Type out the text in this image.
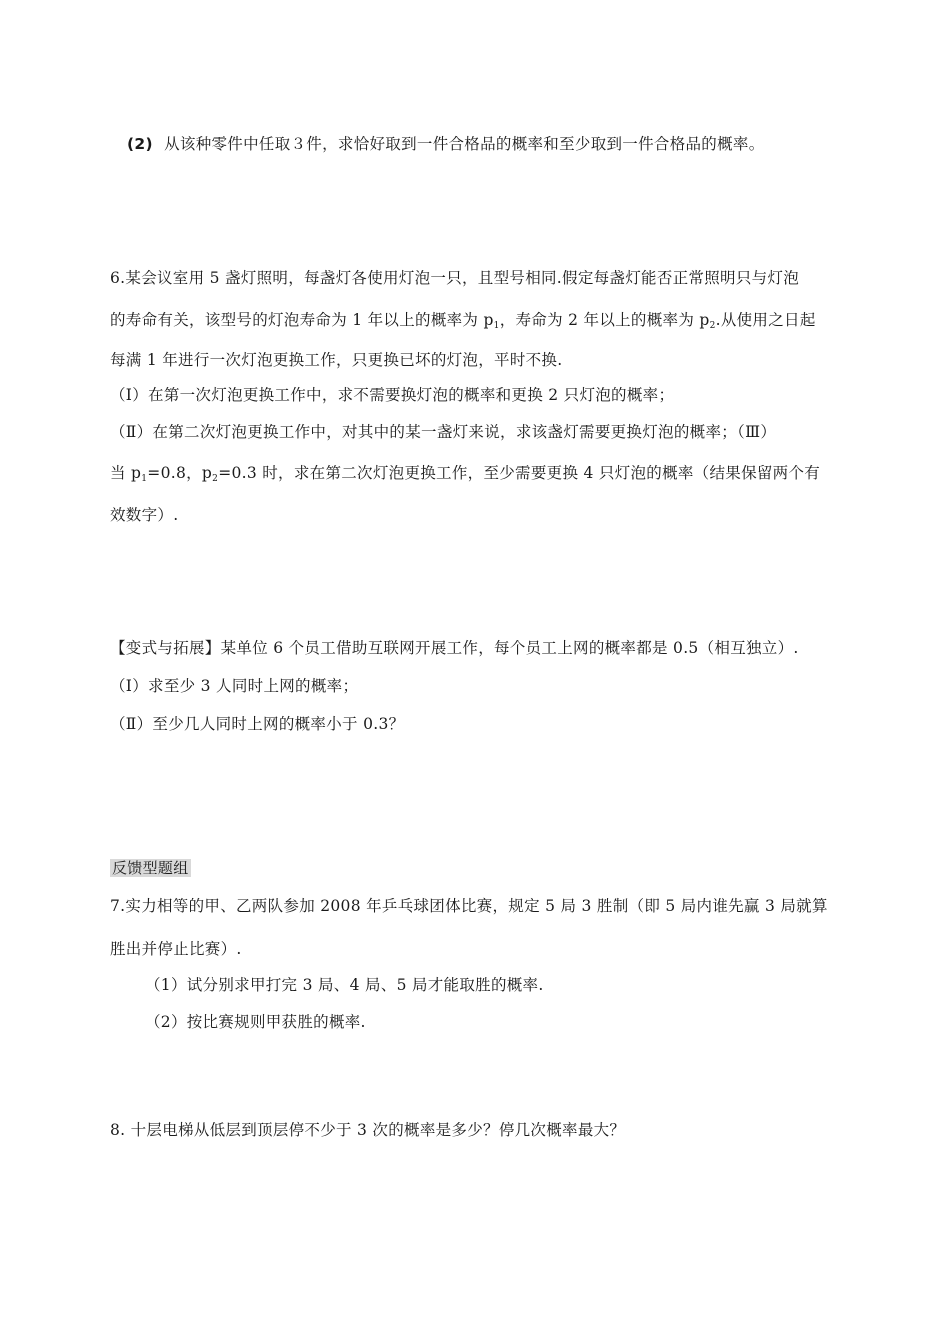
(2) 从该种零件中任取３件，求恰好取到一件合格品的概率和至少取到一件合格品的概率。
6.某会议室用 5 盏灯照明，每盏灯各使用灯泡一只，且型号相同.假定每盏灯能否正常照明只与灯泡
的寿命有关，该型号的灯泡寿命为 1 年以上的概率为 $p_1$，寿命为 2 年以上的概率为 $p_2$.从使用之日起
每满 1 年进行一次灯泡更换工作，只更换已坏的灯泡，平时不换.
（Ⅰ）在第一次灯泡更换工作中，求不需要换灯泡的概率和更换 2 只灯泡的概率；
（Ⅱ）在第二次灯泡更换工作中，对其中的某一盏灯来说，求该盏灯需要更换灯泡的概率；（Ⅲ）
当 $p_1=0.8$，$p_2=0.3$ 时，求在第二次灯泡更换工作，至少需要更换 4 只灯泡的概率（结果保留两个有
效数字）.
【变式与拓展】某单位 6 个员工借助互联网开展工作，每个员工上网的概率都是 0.5（相互独立）.
（Ⅰ）求至少 3 人同时上网的概率；
（Ⅱ）至少几人同时上网的概率小于 0.3？
反馈型题组
7.实力相等的甲、乙两队参加 2008 年乒乓球团体比赛，规定 5 局 3 胜制（即 5 局内谁先赢 3 局就算
胜出并停止比赛）.
（1）试分别求甲打完 3 局、4 局、5 局才能取胜的概率.
（2）按比赛规则甲获胜的概率.
8. 十层电梯从低层到顶层停不少于 3 次的概率是多少？停几次概率最大？
